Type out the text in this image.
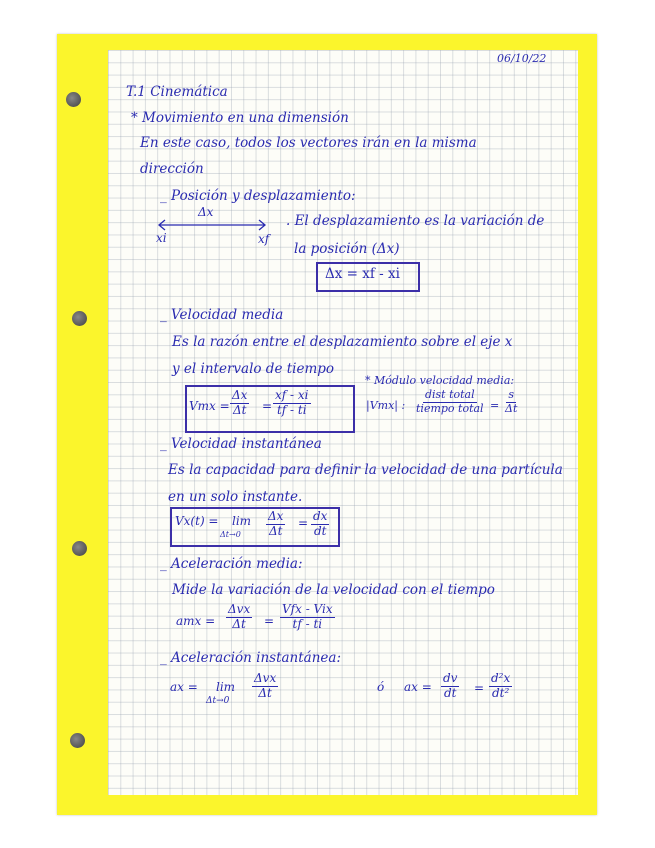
06/10/22
T.1 Cinemática
* Movimiento en una dimensión
En este caso, todos los vectores irán en la misma
dirección
_ Posición y desplazamiento:
Δx
xi	xf
. El desplazamiento es la variación de
la posición (Δx)
Δx = xf - xi
_ Velocidad media
Es la razón entre el desplazamiento sobre el eje x
y el intervalo de tiempo
Vmx = $\frac{\Delta x}{\Delta t} = \frac{xf - xi}{tf - ti}$
* Módulo velocidad media:
|Vmx| :
dist total
tiempo total = $\frac{s}{\Delta t}$
_ Velocidad instantánea
Es la capacidad para definir la velocidad de una partícula
en un solo instante.
Vx(t) = lim
$\Delta t\to 0 \frac{\Delta x}{\Delta t} = \frac{dx}{dt}$
_ Aceleración media:
Mide la variación de la velocidad con el tiempo
amx =
Δvx
Δt =
Vfx - Vix
tf - ti
_ Aceleración instantánea:
ax = lim
Δt→0
Δvx
Δt	ó ax = $\frac{dv}{dt} = \frac{\text{d²x}}{\text{dt²}}$
